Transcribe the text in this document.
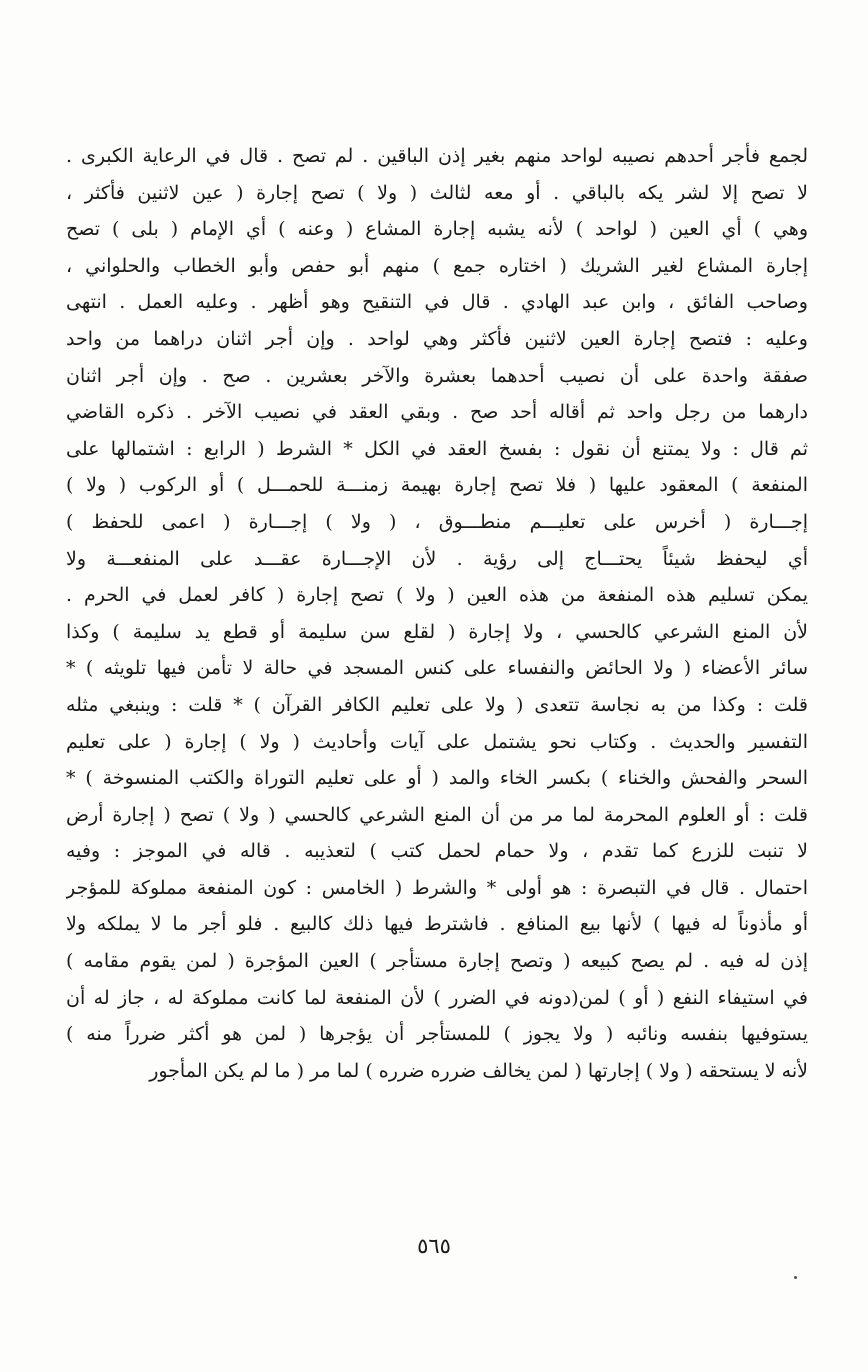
لجمع فأجر أحدهم نصيبه لواحد منهم بغير إذن الباقين . لم تصح . قال في الرعاية الكبرى .
لا تصح إلا لشر يكه بالباقي . أو معه لثالث ( ولا ) تصح إجارة ( عين لاثنين فأكثر ،
وهي ) أي العين ( لواحد ) لأنه يشبه إجارة المشاع ( وعنه ) أي الإمام ( بلى ) تصح
إجارة المشاع لغير الشريك ( اختاره جمع ) منهم أبو حفص وأبو الخطاب والحلواني ،
وصاحب الفائق ، وابن عبد الهادي . قال في التنقيح وهو أظهر . وعليه العمل . انتهى
وعليه : فتصح إجارة العين لاثنين فأكثر وهي لواحد . وإن أجر اثنان دراهما من واحد
صفقة واحدة على أن نصيب أحدهما بعشرة والآخر بعشرين . صح . وإن أجر اثنان
دارهما من رجل واحد ثم أقاله أحد صح . وبقي العقد في نصيب الآخر . ذكره القاضي
ثم قال : ولا يمتنع أن نقول : بفسخ العقد في الكل * الشرط ( الرابع : اشتمالها على
المنفعة ) المعقود عليها ( فلا تصح إجارة بهيمة زمنـــة للحمـــل ) أو الركوب ( ولا )
إجـــارة ( أخرس على تعليـــم منطـــوق ، ( ولا ) إجـــارة ( اعمى للحفظ )
أي ليحفظ شيئاً يحتـــاج إلى رؤية . لأن الإجـــارة عقـــد على المنفعـــة ولا
يمكن تسليم هذه المنفعة من هذه العين ( ولا ) تصح إجارة ( كافر لعمل في الحرم .
لأن المنع الشرعي كالحسي ، ولا إجارة ( لقلع سن سليمة أو قطع يد سليمة ) وكذا
سائر الأعضاء ( ولا الحائض والنفساء على كنس المسجد في حالة لا تأمن فيها تلويثه ) *
قلت : وكذا من به نجاسة تتعدى ( ولا على تعليم الكافر القرآن ) * قلت : وينبغي مثله
التفسير والحديث . وكتاب نحو يشتمل على آيات وأحاديث ( ولا ) إجارة ( على تعليم
السحر والفحش والخناء ) بكسر الخاء والمد ( أو على تعليم التوراة والكتب المنسوخة ) *
قلت : أو العلوم المحرمة لما مر من أن المنع الشرعي كالحسي ( ولا ) تصح ( إجارة أرض
لا تنبت للزرع كما تقدم ، ولا حمام لحمل كتب ) لتعذيبه . قاله في الموجز : وفيه
احتمال . قال في التبصرة : هو أولى * والشرط ( الخامس : كون المنفعة مملوكة للمؤجر
أو مأذوناً له فيها ) لأنها بيع المنافع . فاشترط فيها ذلك كالبيع . فلو أجر ما لا يملكه ولا
إذن له فيه . لم يصح كبيعه ( وتصح إجارة مستأجر ) العين المؤجرة ( لمن يقوم مقامه )
في استيفاء النفع ( أو ) لمن(دونه في الضرر ) لأن المنفعة لما كانت مملوكة له ، جاز له أن
يستوفيها بنفسه ونائبه ( ولا يجوز ) للمستأجر أن يؤجرها ( لمن هو أكثر ضرراً منه )
لأنه لا يستحقه ( ولا ) إجارتها ( لمن يخالف ضرره ضرره ) لما مر ( ما لم يكن المأجور
٥٦٥
